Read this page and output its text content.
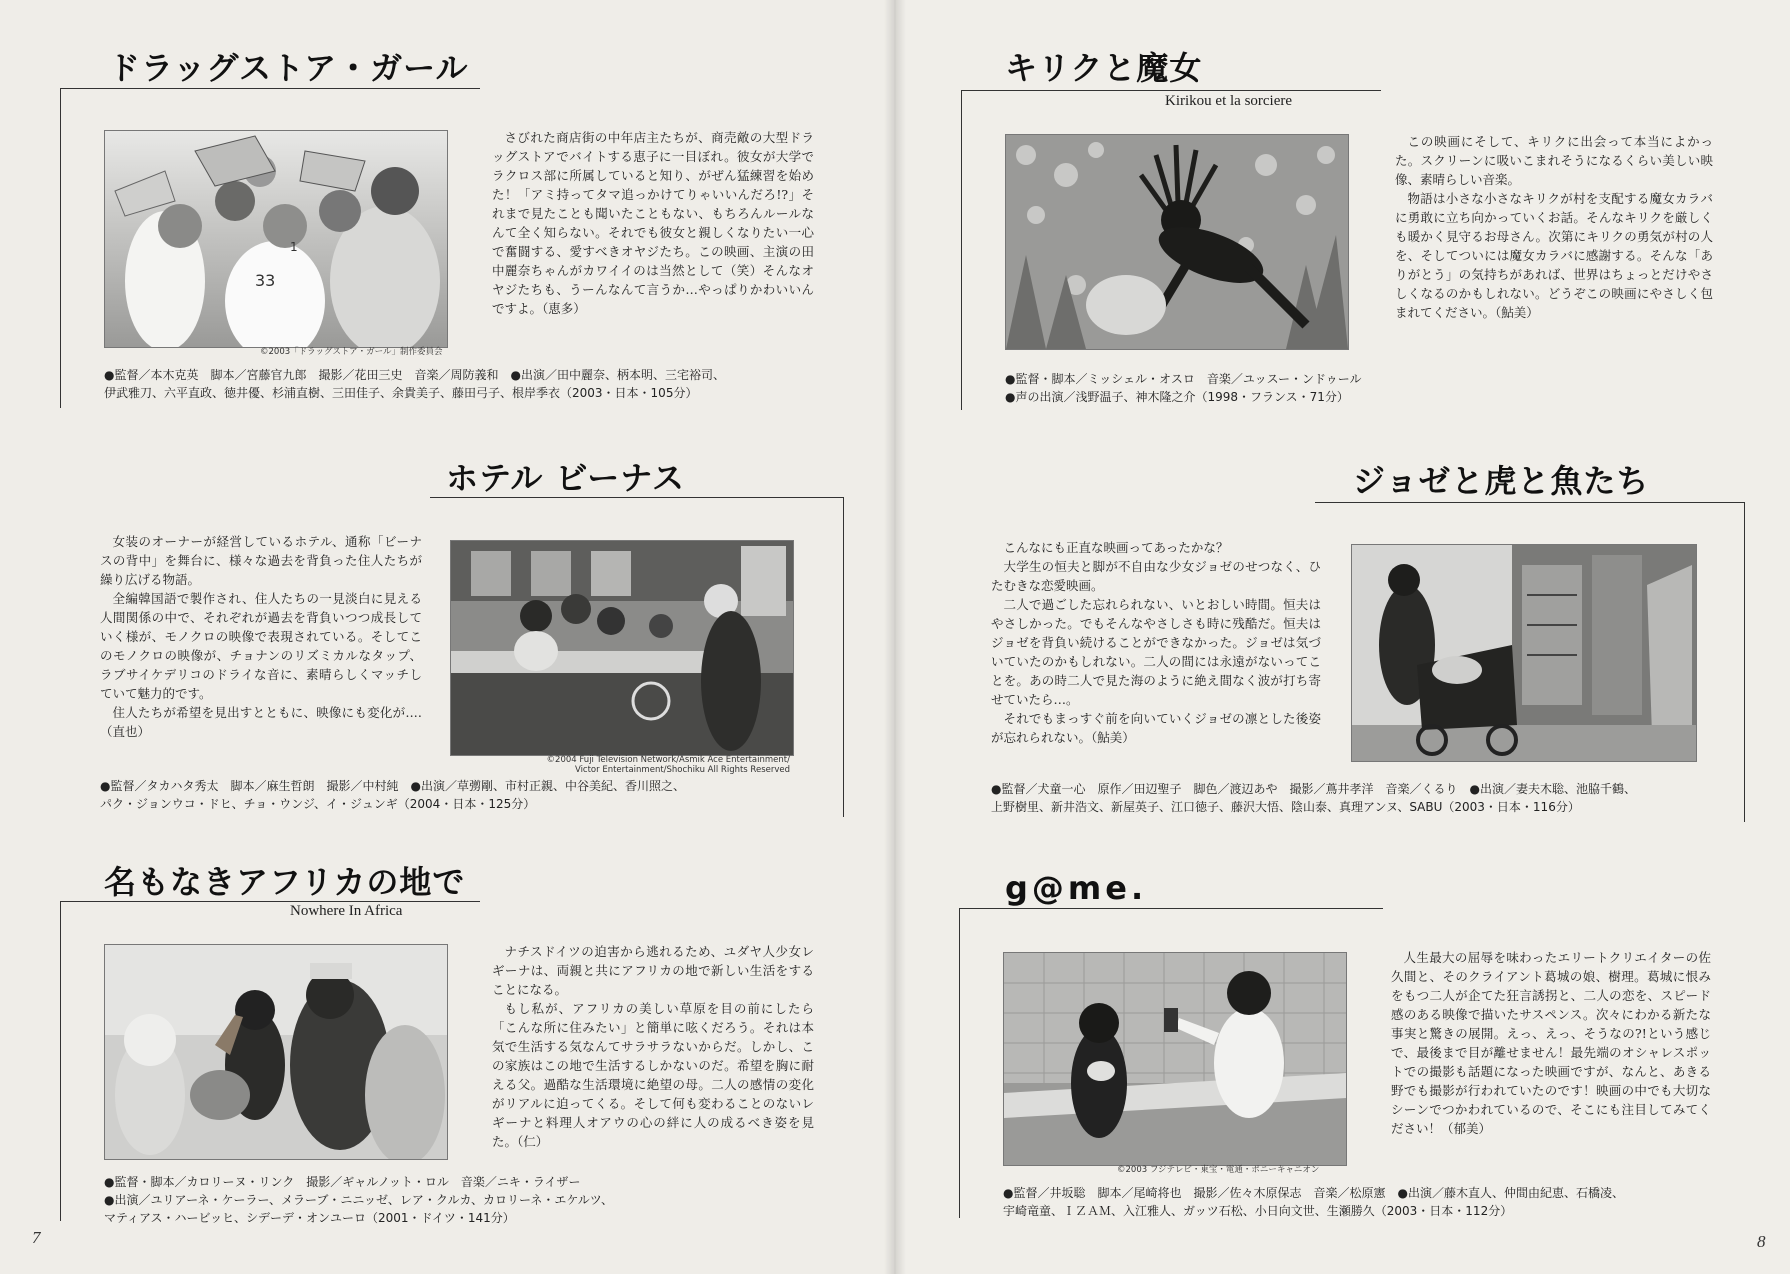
ドラッグストア・ガール
33
1
©2003「ドラッグストア・ガール」制作委員会

さびれた商店街の中年店主たちが、商売敵の大型ドラッグストアでバイトする恵子に一目ぼれ。彼女が大学でラクロス部に所属していると知り、がぜん猛練習を始めた！「アミ持ってタマ追っかけてりゃいいんだろ!?」それまで見たことも聞いたこともない、もちろんルールなんて全く知らない。それでも彼女と親しくなりたい一心で奮闘する、愛すべきオヤジたち。この映画、主演の田中麗奈ちゃんがカワイイのは当然として（笑）そんなオヤジたちも、うーんなんて言うか…やっぱりかわいいんですよ。（恵多）

●監督／本木克英　脚本／宮藤官九郎　撮影／花田三史　音楽／周防義和　●出演／田中麗奈、柄本明、三宅裕司、
伊武雅刀、六平直政、徳井優、杉浦直樹、三田佳子、余貴美子、藤田弓子、根岸季衣（2003・日本・105分）
ホテル ビーナス

女装のオーナーが経営しているホテル、通称「ビーナスの背中」を舞台に、様々な過去を背負った住人たちが繰り広げる物語。

全編韓国語で製作され、住人たちの一見淡白に見える人間関係の中で、それぞれが過去を背負いつつ成長していく様が、モノクロの映像で表現されている。そしてこのモノクロの映像が、チョナンのリズミカルなタップ、ラブサイケデリコのドライな音に、素晴らしくマッチしていて魅力的です。

住人たちが希望を見出すとともに、映像にも変化が‥‥（直也）

©2004 Fuji Television Network/Asmik Ace Entertainment/
Victor Entertainment/Shochiku All Rights Reserved
●監督／タカハタ秀太　脚本／麻生哲朗　撮影／中村純　●出演／草彅剛、市村正親、中谷美紀、香川照之、
パク・ジョンウコ・ドヒ、チョ・ウンジ、イ・ジュンギ（2004・日本・125分）
名もなきアフリカの地で
Nowhere In Africa

ナチスドイツの迫害から逃れるため、ユダヤ人少女レギーナは、両親と共にアフリカの地で新しい生活をすることになる。

もし私が、アフリカの美しい草原を目の前にしたら「こんな所に住みたい」と簡単に呟くだろう。それは本気で生活する気なんてサラサラないからだ。しかし、この家族はこの地で生活するしかないのだ。希望を胸に耐える父。過酷な生活環境に絶望の母。二人の感情の変化がリアルに迫ってくる。そして何も変わることのないレギーナと料理人オアウの心の絆に人の成るべき姿を見た。（仁）

●監督・脚本／カロリーヌ・リンク　撮影／ギャルノット・ロル　音楽／ニキ・ライザー
●出演／ユリアーネ・ケーラー、メラーブ・ニニッゼ、レア・クルカ、カロリーネ・エケルツ、
マティアス・ハービッヒ、シデーデ・オンユーロ（2001・ドイツ・141分）
7
キリクと魔女
Kirikou et la sorciere

この映画にそして、キリクに出会って本当によかった。スクリーンに吸いこまれそうになるくらい美しい映像、素晴らしい音楽。

物語は小さな小さなキリクが村を支配する魔女カラバに勇敢に立ち向かっていくお話。そんなキリクを厳しくも暖かく見守るお母さん。次第にキリクの勇気が村の人を、そしてついには魔女カラバに感謝する。そんな「ありがとう」の気持ちがあれば、世界はちょっとだけやさしくなるのかもしれない。どうぞこの映画にやさしく包まれてください。（鮎美）

●監督・脚本／ミッシェル・オスロ　音楽／ユッスー・ンドゥール
●声の出演／浅野温子、神木隆之介（1998・フランス・71分）
ジョゼと虎と魚たち

こんなにも正直な映画ってあったかな？

大学生の恒夫と脚が不自由な少女ジョゼのせつなく、ひたむきな恋愛映画。

二人で過ごした忘れられない、いとおしい時間。恒夫はやさしかった。でもそんなやさしさも時に残酷だ。恒夫はジョゼを背負い続けることができなかった。ジョゼは気づいていたのかもしれない。二人の間には永遠がないってことを。あの時二人で見た海のように絶え間なく波が打ち寄せていたら…。

それでもまっすぐ前を向いていくジョゼの凛とした後姿が忘れられない。（鮎美）

●監督／犬童一心　原作／田辺聖子　脚色／渡辺あや　撮影／蔦井孝洋　音楽／くるり　●出演／妻夫木聡、池脇千鶴、
上野樹里、新井浩文、新屋英子、江口徳子、藤沢大悟、陰山泰、真理アンヌ、SABU（2003・日本・116分）
g@me.
©2003 フジテレビ・東宝・電通・ポニーキャニオン

人生最大の屈辱を味わったエリートクリエイターの佐久間と、そのクライアント葛城の娘、樹理。葛城に恨みをもつ二人が企てた狂言誘拐と、二人の恋を、スピード感のある映像で描いたサスペンス。次々にわかる新たな事実と驚きの展開。えっ、えっ、そうなの?!という感じで、最後まで目が離せません！最先端のオシャレスポットでの撮影も話題になった映画ですが、なんと、あきる野でも撮影が行われていたのです！映画の中でも大切なシーンでつかわれているので、そこにも注目してみてください！（郁美）

●監督／井坂聡　脚本／尾崎将也　撮影／佐々木原保志　音楽／松原憲　●出演／藤木直人、仲間由紀恵、石橋凌、
宇崎竜童、ＩＺＡＭ、入江雅人、ガッツ石松、小日向文世、生瀬勝久（2003・日本・112分）
8
